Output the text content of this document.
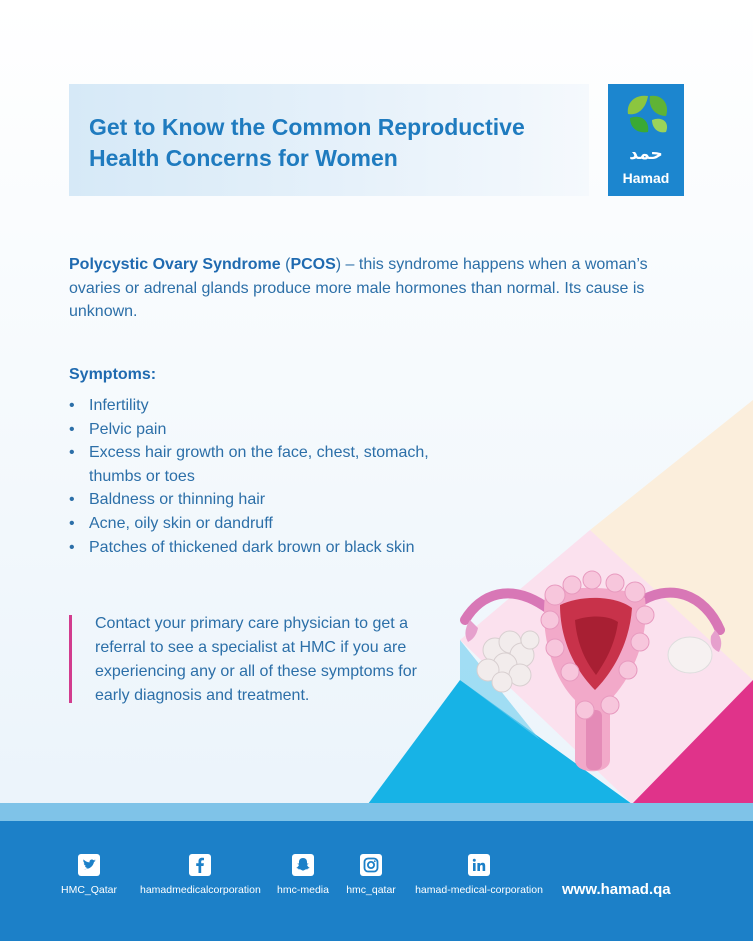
Get to Know the Common Reproductive
Health Concerns for Women	حمد
Hamad

Polycystic Ovary Syndrome (PCOS) – this syndrome happens when a woman’s ovaries or adrenal glands produce more male hormones than normal. Its cause is unknown.

Symptoms:
• Infertility
• Pelvic pain
• Excess hair growth on the face, chest, stomach, thumbs or toes
• Baldness or thinning hair
• Acne, oily skin or dandruff
• Patches of thickened dark brown or black skin

Contact your primary care physician to get a referral to see a specialist at HMC if you are experiencing any or all of these symptoms for early diagnosis and treatment.

HMC_Qatar	hamadmedicalcorporation	hmc-media	hmc_qatar	hamad-medical-corporation www.hamad.qa
